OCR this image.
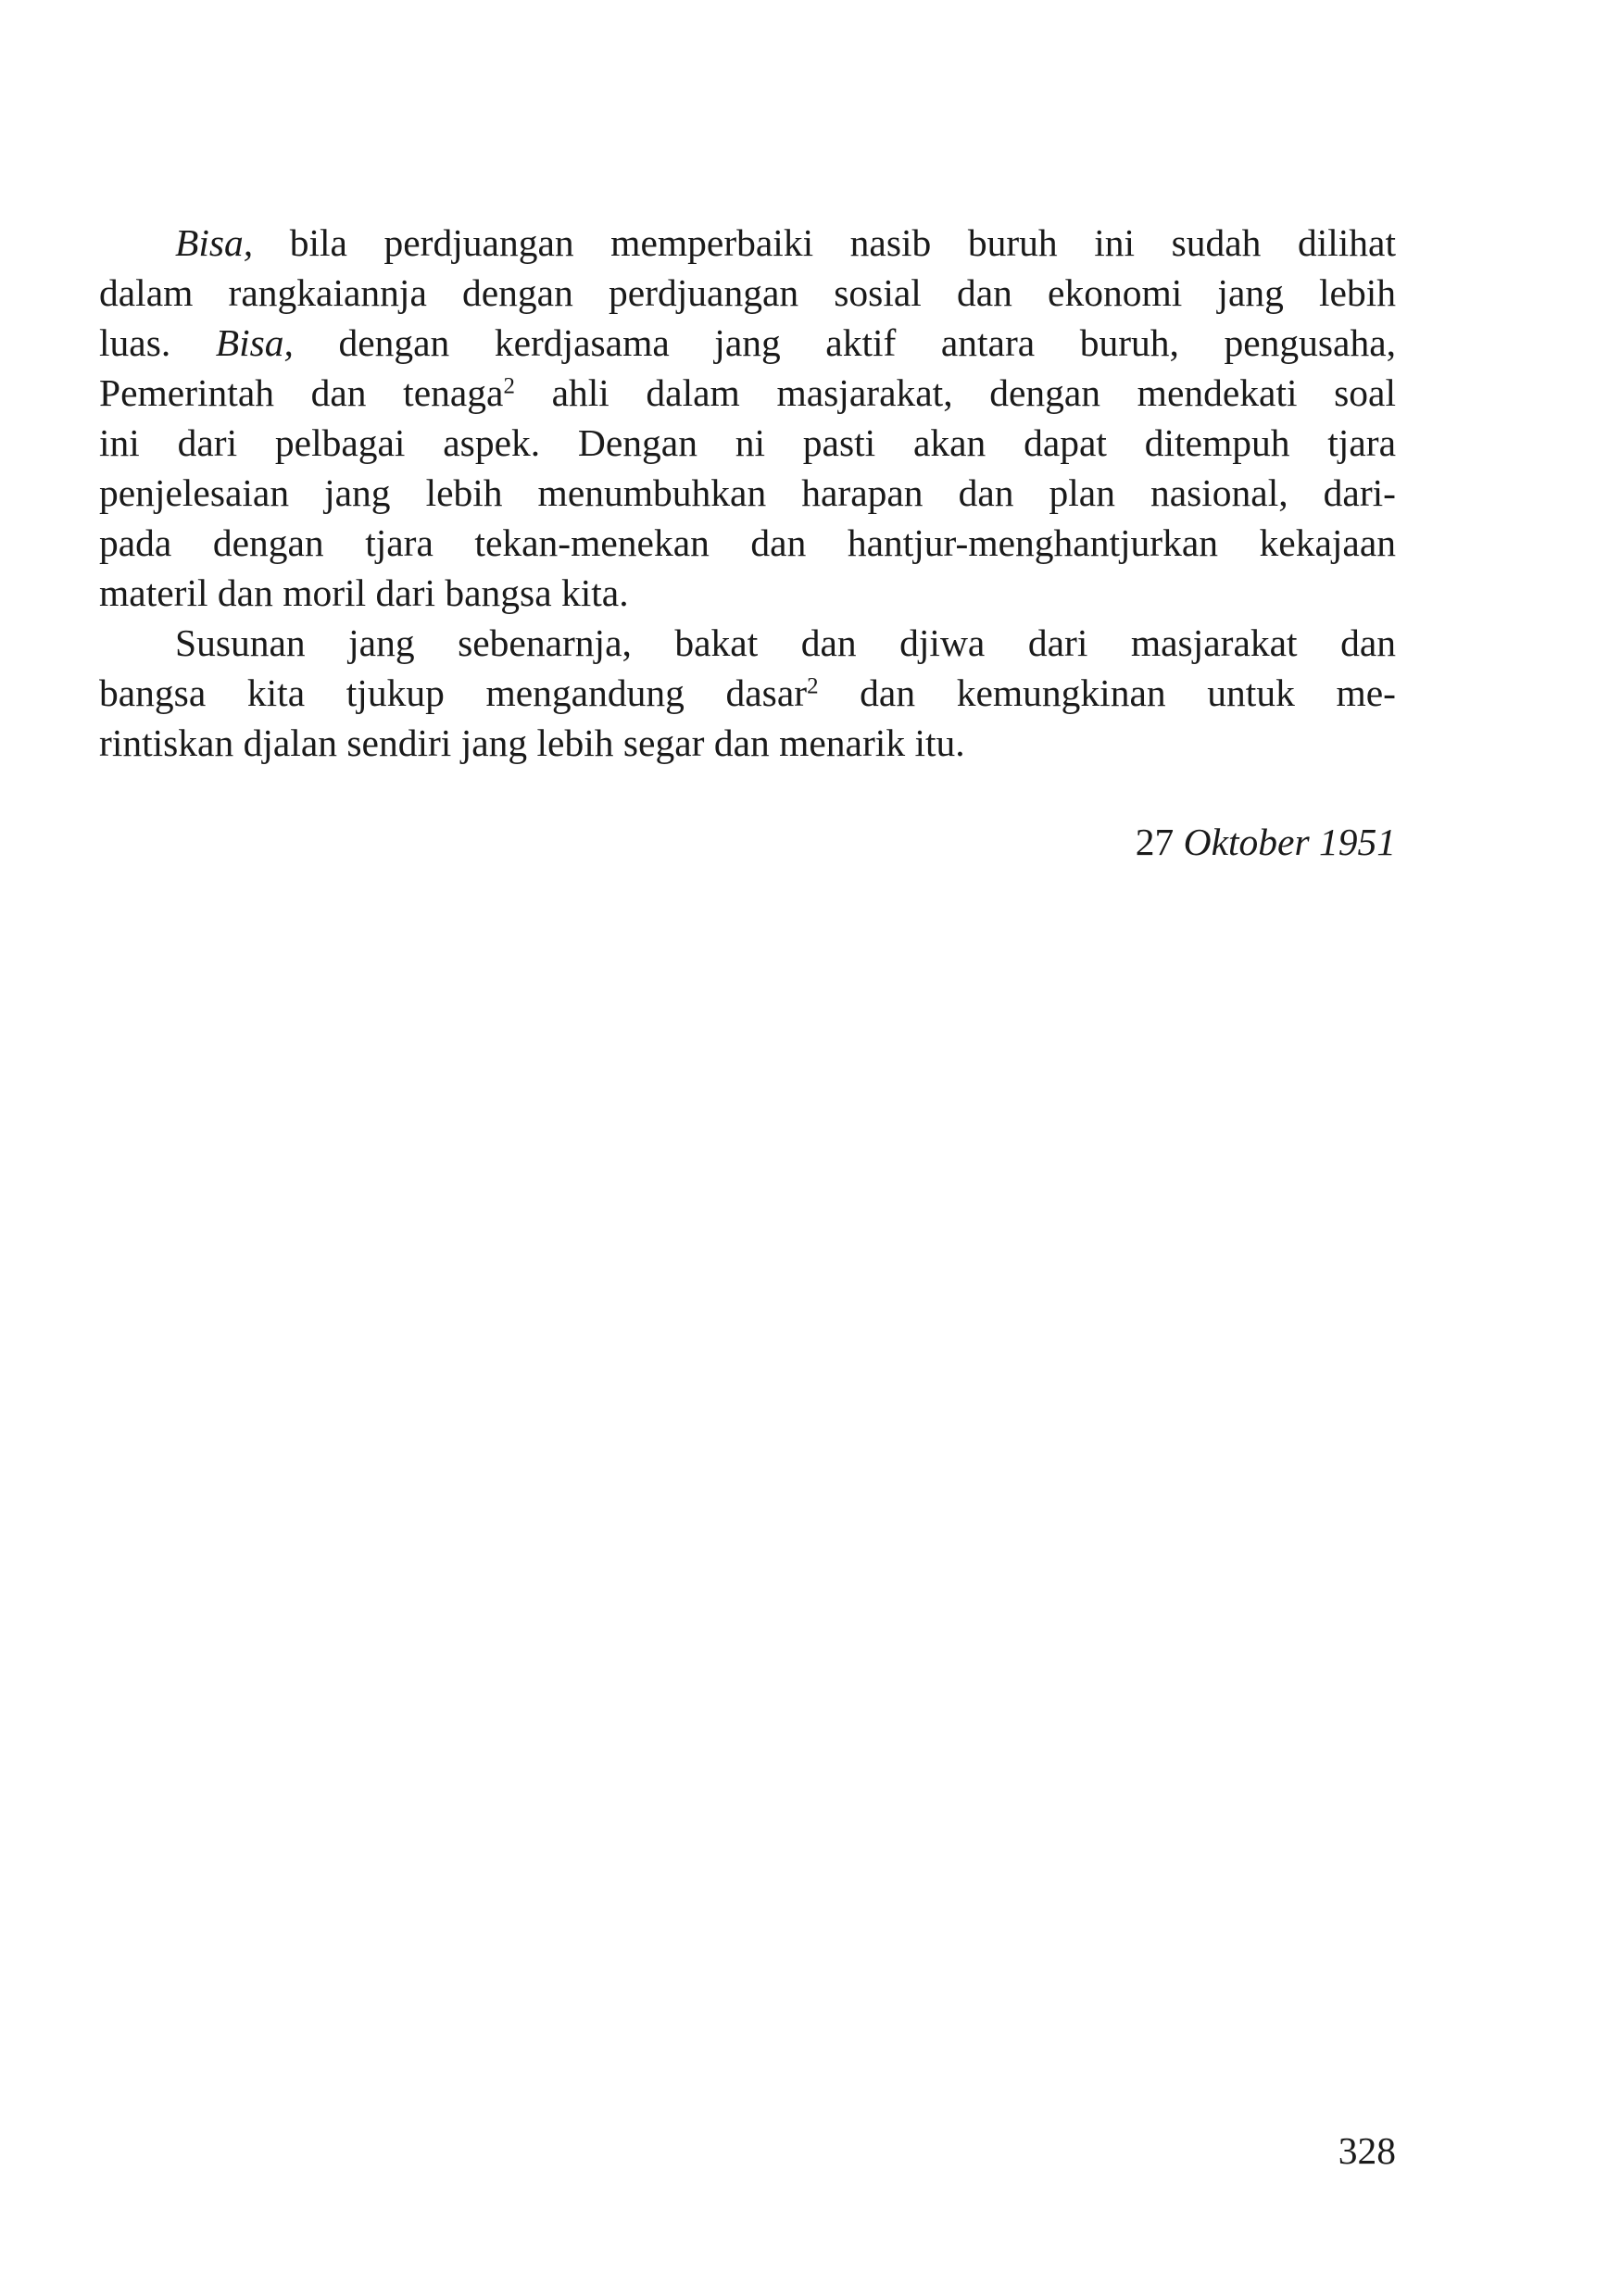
Bisa, bila perdjuangan memperbaiki nasib buruh ini sudah dilihat
dalam rangkaiannja dengan perdjuangan sosial dan ekonomi jang lebih
luas. Bisa, dengan kerdjasama jang aktif antara buruh, pengusaha,
Pemerintah dan tenaga$^2$ ahli dalam masjarakat, dengan mendekati soal
ini dari pelbagai aspek. Dengan ni pasti akan dapat ditempuh tjara
penjelesaian jang lebih menumbuhkan harapan dan plan nasional, dari-
pada dengan tjara tekan-menekan dan hantjur-menghantjurkan kekajaan
materil dan moril dari bangsa kita.
Susunan jang sebenarnja, bakat dan djiwa dari masjarakat dan
bangsa kita tjukup mengandung dasar$^2$ dan kemungkinan untuk me-
rintiskan djalan sendiri jang lebih segar dan menarik itu.
27 Oktober 1951
328
